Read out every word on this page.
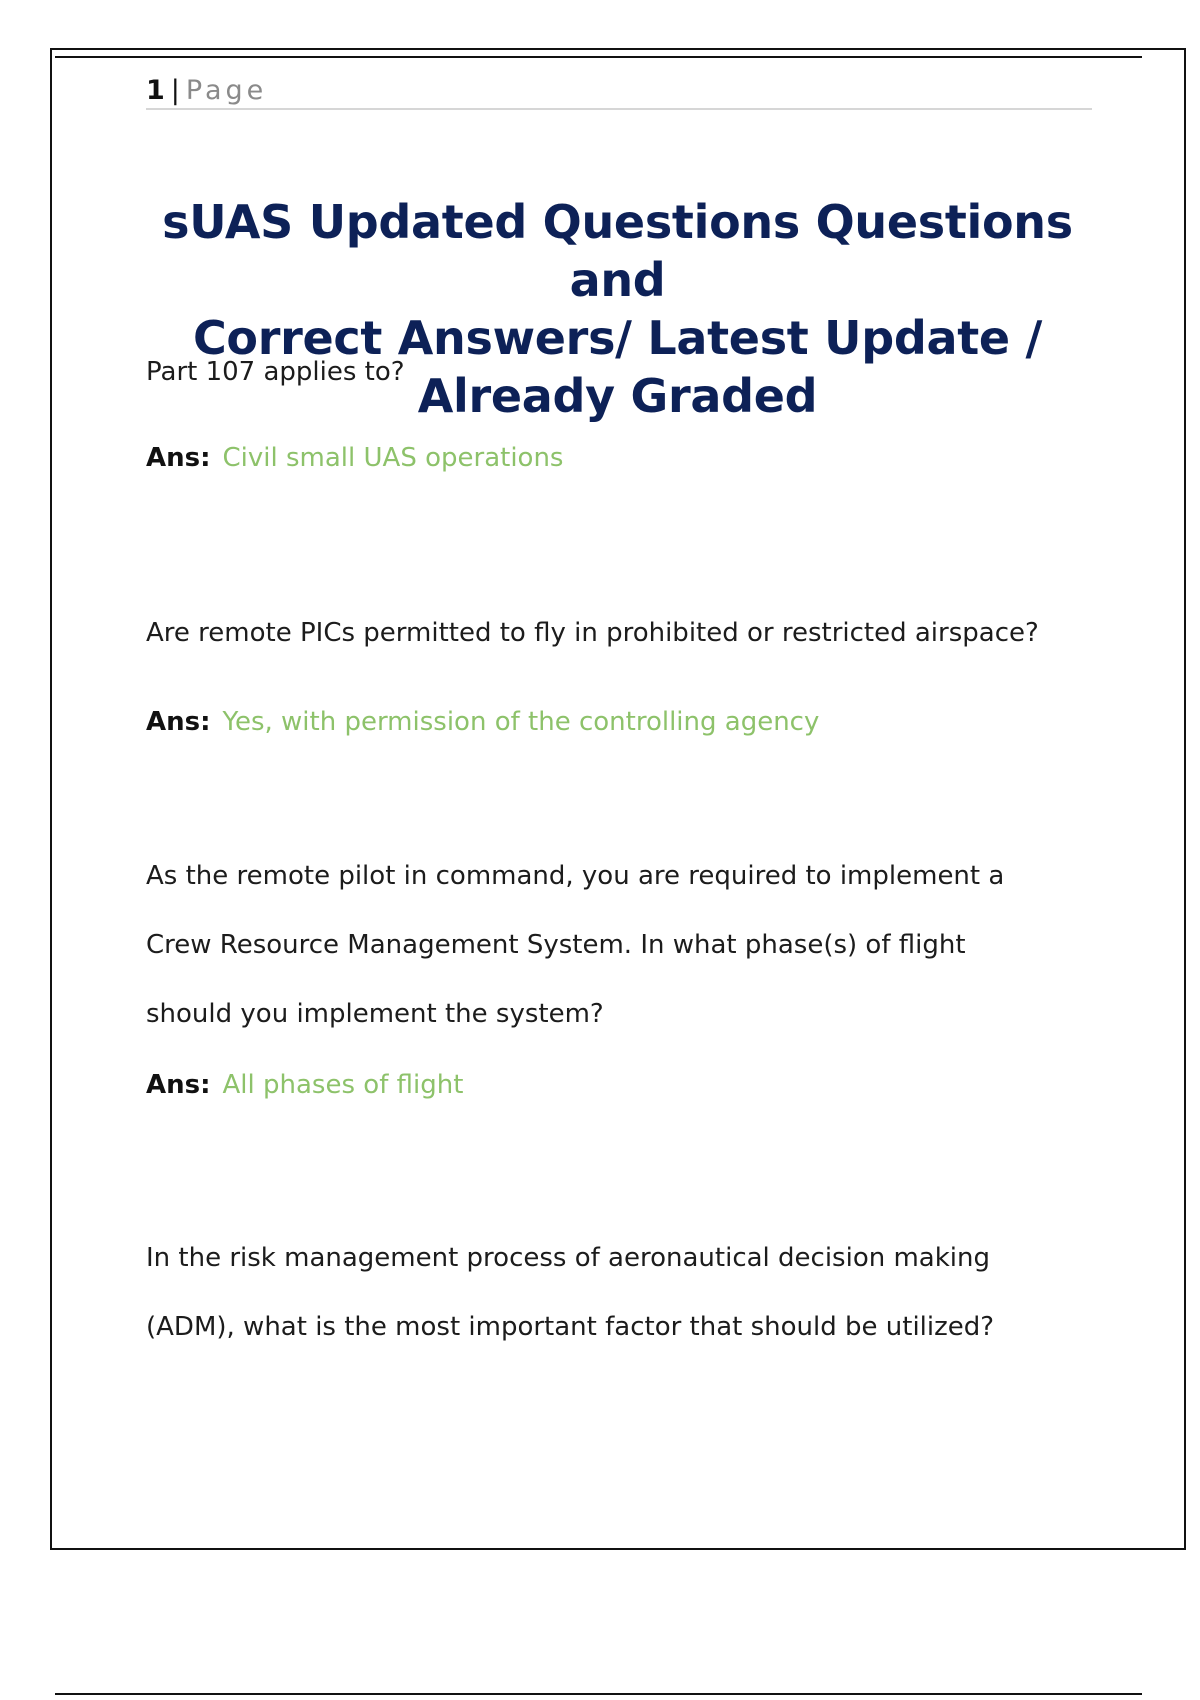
1 | Page
sUAS Updated Questions Questions and
Correct Answers/ Latest Update /
Already Graded

Part 107 applies to?

Ans: Civil small UAS operations

Are remote PICs permitted to fly in prohibited or restricted airspace?

Ans: Yes, with permission of the controlling agency

As the remote pilot in command, you are required to implement a

Crew Resource Management System. In what phase(s) of flight

should you implement the system?

Ans: All phases of flight

In the risk management process of aeronautical decision making

(ADM), what is the most important factor that should be utilized?
